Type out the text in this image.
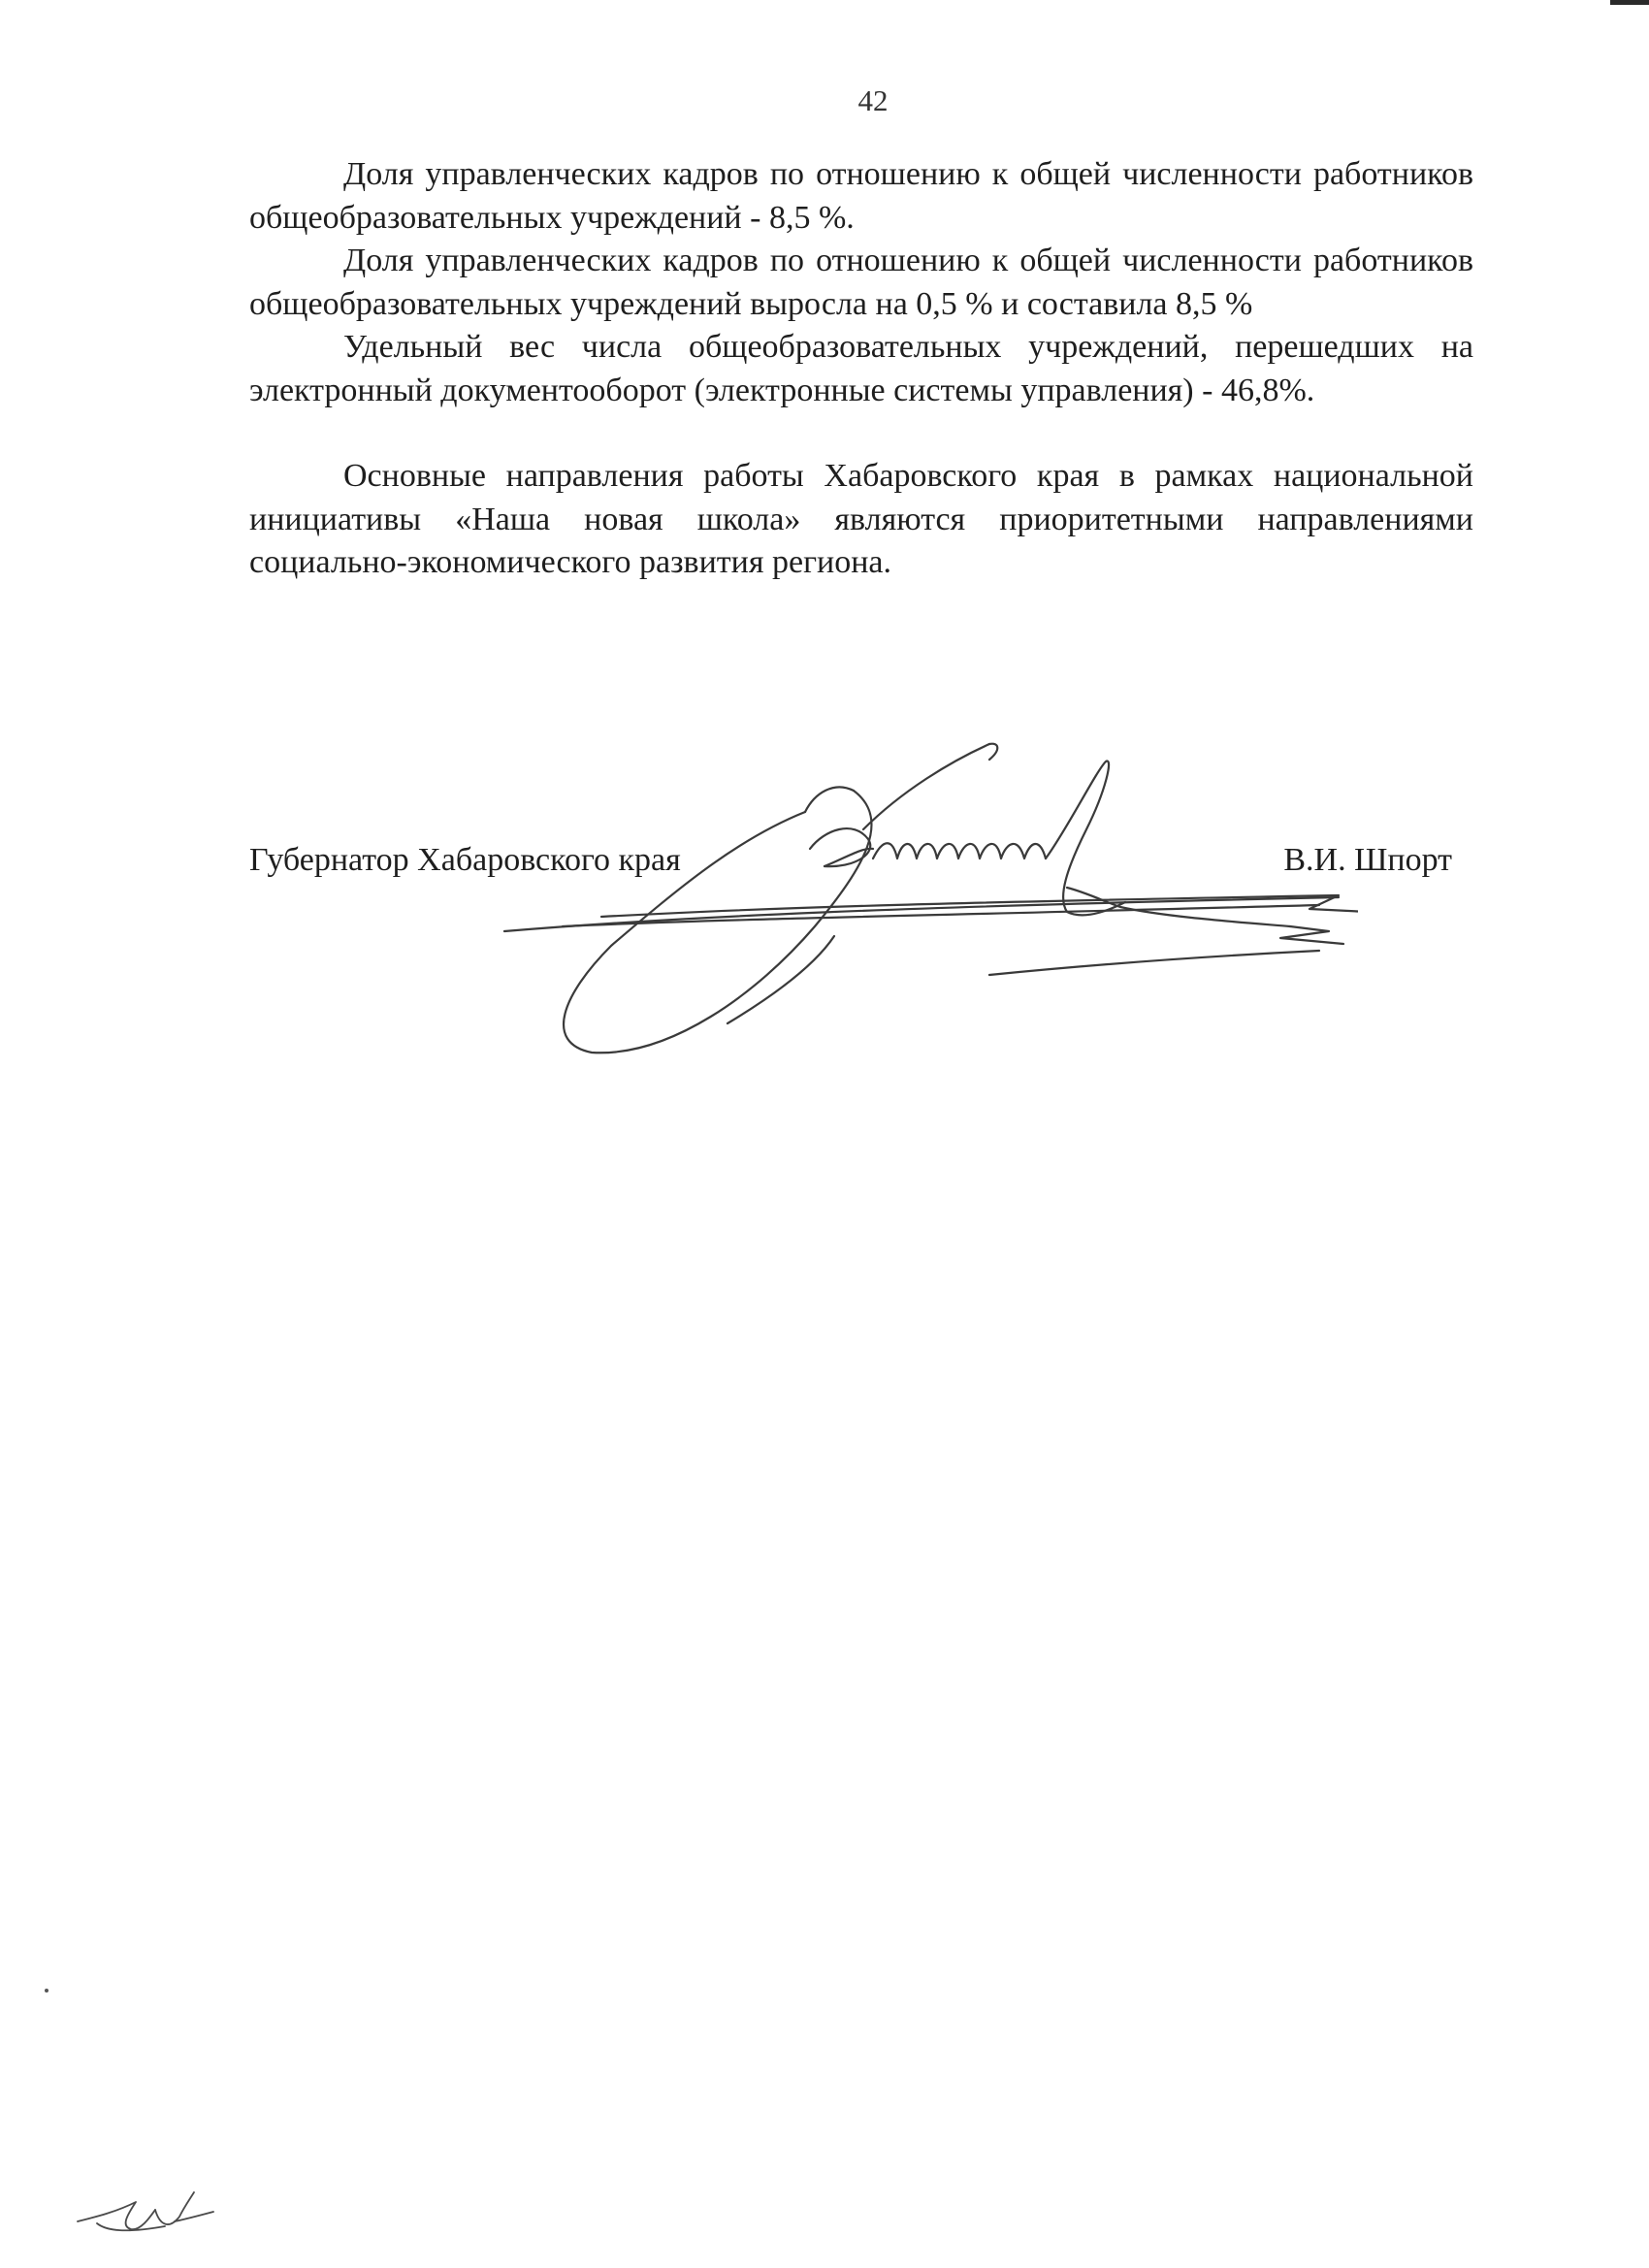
42

Доля управленческих кадров по отношению к общей численности работников общеобразовательных учреждений - 8,5 %.

Доля управленческих кадров по отношению к общей численности работников общеобразовательных учреждений выросла на 0,5 % и составила 8,5 %

Удельный вес числа общеобразовательных учреждений, перешедших на электронный документооборот (электронные системы управления) - 46,8%.

Основные направления работы Хабаровского края в рамках национальной инициативы «Наша новая школа» являются приоритетными направлениями социально-экономического развития региона.

Губернатор Хабаровского края	В.И. Шпорт
